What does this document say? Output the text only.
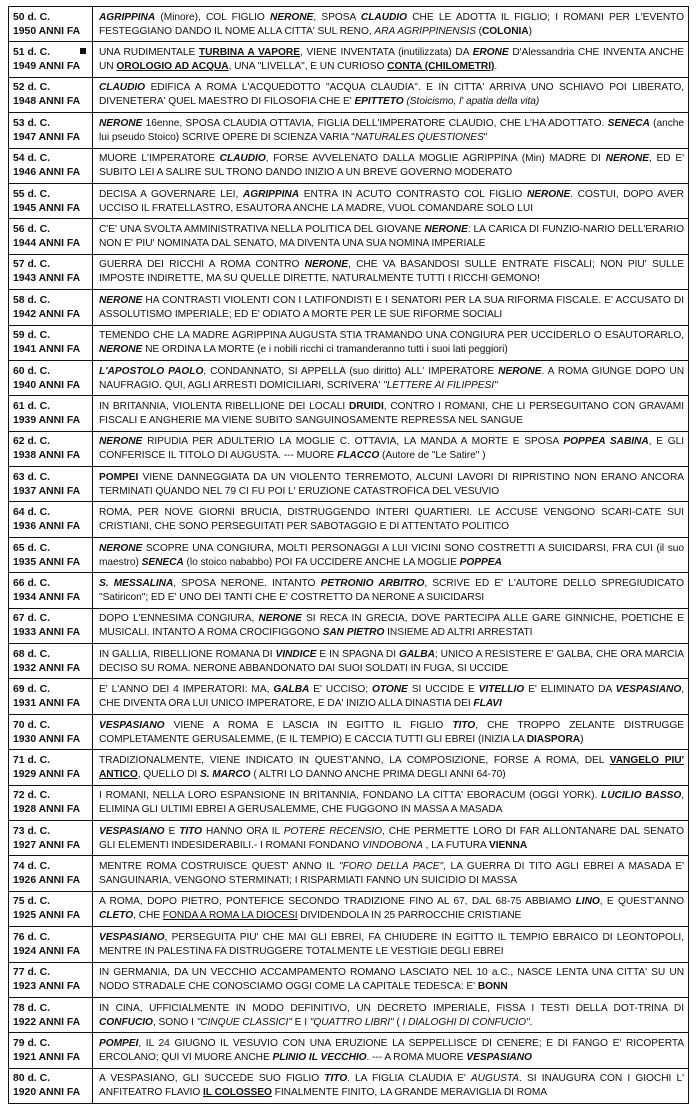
50 d. C.
1950 ANNI FA	AGRIPPINA (Minore), COL FIGLIO NERONE, SPOSA CLAUDIO CHE LE ADOTTA IL FIGLIO; I ROMANI PER L'EVENTO FESTEGGIANO DANDO IL NOME ALLA CITTA' SUL RENO, ARA AGRIPPINENSIS (COLONIA)

51 d. C.
1949 ANNI FA	UNA RUDIMENTALE TURBINA A VAPORE, VIENE INVENTATA (inutilizzata) DA ERONE D'Alessandria CHE INVENTA ANCHE UN OROLOGIO AD ACQUA, UNA "LIVELLA", E UN CURIOSO CONTA (CHILOMETRI).

52 d. C.
1948 ANNI FA	CLAUDIO EDIFICA A ROMA L'ACQUEDOTTO "ACQUA CLAUDIA". E IN CITTA' ARRIVA UNO SCHIAVO POI LIBERATO, DIVENETERA' QUEL MAESTRO DI FILOSOFIA CHE E' EPITTETO (Stoicismo, l' apatia della vita)

53 d. C.
1947 ANNI FA	NERONE 16enne, SPOSA CLAUDIA OTTAVIA, FIGLIA DELL'IMPERATORE CLAUDIO, CHE L'HA ADOTTATO. SENECA (anche lui pseudo Stoico) SCRIVE OPERE DI SCIENZA VARIA "NATURALES QUESTIONES"

54 d. C.
1946 ANNI FA	MUORE L'IMPERATORE CLAUDIO, FORSE AVVELENATO DALLA MOGLIE AGRIPPINA (Min) MADRE DI NERONE, ED E' SUBITO LEI A SALIRE SUL TRONO DANDO INIZIO A UN BREVE GOVERNO MODERATO

55 d. C.
1945 ANNI FA	DECISA A GOVERNARE LEI, AGRIPPINA ENTRA IN ACUTO CONTRASTO COL FIGLIO NERONE. COSTUI, DOPO AVER UCCISO IL FRATELLASTRO, ESAUTORA ANCHE LA MADRE, VUOL COMANDARE SOLO LUI

56 d. C.
1944 ANNI FA	C'E' UNA SVOLTA AMMINISTRATIVA NELLA POLITICA DEL GIOVANE NERONE: LA CARICA DI FUNZIO-NARIO DELL'ERARIO NON E' PIU' NOMINATA DAL SENATO, MA DIVENTA UNA SUA NOMINA IMPERIALE

57 d. C.
1943 ANNI FA	GUERRA DEI RICCHI A ROMA CONTRO NERONE, CHE VA BASANDOSI SULLE ENTRATE FISCALI; NON PIU' SULLE IMPOSTE INDIRETTE, MA SU QUELLE DIRETTE. NATURALMENTE TUTTI I RICCHI GEMONO!

58 d. C.
1942 ANNI FA	NERONE HA CONTRASTI VIOLENTI CON I LATIFONDISTI E I SENATORI PER LA SUA RIFORMA FISCALE. E' ACCUSATO DI ASSOLUTISMO IMPERIALE; ED E' ODIATO A MORTE PER LE SUE RIFORME SOCIALI

59 d. C.
1941 ANNI FA	TEMENDO CHE LA MADRE AGRIPPINA AUGUSTA STIA TRAMANDO UNA CONGIURA PER UCCIDERLO O ESAUTORARLO, NERONE NE ORDINA LA MORTE (e i nobili ricchi ci tramanderanno tutti i suoi lati peggiori)

60 d. C.
1940 ANNI FA	L'APOSTOLO PAOLO, CONDANNATO, SI APPELLA (suo diritto) ALL' IMPERATORE NERONE. A ROMA GIUNGE DOPO UN NAUFRAGIO. QUI, AGLI ARRESTI DOMICILIARI, SCRIVERA' "LETTERE AI FILIPPESI"

61 d. C.
1939 ANNI FA	IN BRITANNIA, VIOLENTA RIBELLIONE DEI LOCALI DRUIDI, CONTRO I ROMANI, CHE LI PERSEGUITANO CON GRAVAMI FISCALI E ANGHERIE MA VIENE SUBITO SANGUINOSAMENTE REPRESSA NEL SANGUE

62 d. C.
1938 ANNI FA	NERONE RIPUDIA PER ADULTERIO LA MOGLIE C. OTTAVIA, LA MANDA A MORTE E SPOSA POPPEA SABINA, E GLI CONFERISCE IL TITOLO DI AUGUSTA. --- MUORE FLACCO (Autore de "Le Satire" )

63 d. C.
1937 ANNI FA	POMPEI VIENE DANNEGGIATA DA UN VIOLENTO TERREMOTO, ALCUNI LAVORI DI RIPRISTINO NON ERANO ANCORA TERMINATI QUANDO NEL 79 CI FU POI L' ERUZIONE CATASTROFICA DEL VESUVIO

64 d. C.
1936 ANNI FA	ROMA, PER NOVE GIORNI BRUCIA, DISTRUGGENDO INTERI QUARTIERI. LE ACCUSE VENGONO SCARI-CATE SUI CRISTIANI, CHE SONO PERSEGUITATI PER SABOTAGGIO E DI ATTENTATO POLITICO

65 d. C.
1935 ANNI FA	NERONE SCOPRE UNA CONGIURA, MOLTI PERSONAGGI A LUI VICINI SONO COSTRETTI A SUICIDARSI, FRA CUI (il suo maestro) SENECA (lo stoico nababbo) POI FA UCCIDERE ANCHE LA MOGLIE POPPEA

66 d. C.
1934 ANNI FA	S. MESSALINA, SPOSA NERONE. INTANTO PETRONIO ARBITRO, SCRIVE ED E' L'AUTORE DELLO SPREGIUDICATO "Satiricon"; ED E' UNO DEI TANTI CHE E' COSTRETTO DA NERONE A SUICIDARSI

67 d. C.
1933 ANNI FA	DOPO L'ENNESIMA CONGIURA, NERONE SI RECA IN GRECIA, DOVE PARTECIPA ALLE GARE GINNICHE, POETICHE E MUSICALI. INTANTO A ROMA CROCIFIGGONO SAN PIETRO INSIEME AD ALTRI ARRESTATI

68 d. C.
1932 ANNI FA	IN GALLIA, RIBELLIONE ROMANA DI VINDICE E IN SPAGNA DI GALBA; UNICO A RESISTERE E' GALBA, CHE ORA MARCIA DECISO SU ROMA. NERONE ABBANDONATO DAI SUOI SOLDATI IN FUGA, SI UCCIDE

69 d. C.
1931 ANNI FA	E' L'ANNO DEI 4 IMPERATORI: MA, GALBA E' UCCISO; OTONE SI UCCIDE E VITELLIO E' ELIMINATO DA VESPASIANO, CHE DIVENTA ORA LUI UNICO IMPERATORE, E DA' INIZIO ALLA DINASTIA DEI FLAVI

70 d. C.
1930 ANNI FA	VESPASIANO VIENE A ROMA E LASCIA IN EGITTO IL FIGLIO TITO, CHE TROPPO ZELANTE DISTRUGGE COMPLETAMENTE GERUSALEMME, (E IL TEMPIO) E CACCIA TUTTI GLI EBREI (INIZIA LA DIASPORA)

71 d. C.
1929 ANNI FA	TRADIZIONALMENTE, VIENE INDICATO IN QUEST'ANNO, LA COMPOSIZIONE, FORSE A ROMA, DEL VANGELO PIU' ANTICO, QUELLO DI S. MARCO ( ALTRI LO DANNO ANCHE PRIMA DEGLI ANNI 64-70)

72 d. C.
1928 ANNI FA	I ROMANI, NELLA LORO ESPANSIONE IN BRITANNIA, FONDANO LA CITTA' EBORACUM (OGGI YORK). LUCILIO BASSO, ELIMINA GLI ULTIMI EBREI A GERUSALEMME, CHE FUGGONO IN MASSA A MASADA

73 d. C.
1927 ANNI FA	VESPASIANO E TITO HANNO ORA IL POTERE RECENSIO, CHE PERMETTE LORO DI FAR ALLONTANARE DAL SENATO GLI ELEMENTI INDESIDERABILI.- I ROMANI FONDANO VINDOBONA , LA FUTURA VIENNA

74 d. C.
1926 ANNI FA	MENTRE ROMA COSTRUISCE QUEST' ANNO IL "FORO DELLA PACE", LA GUERRA DI TITO AGLI EBREI A MASADA E' SANGUINARIA, VENGONO STERMINATI; I RISPARMIATI FANNO UN SUICIDIO DI MASSA

75 d. C.
1925 ANNI FA	A ROMA, DOPO PIETRO, PONTEFICE SECONDO TRADIZIONE FINO AL 67, DAL 68-75 ABBIAMO LINO, E QUEST'ANNO CLETO, CHE FONDA A ROMA LA DIOCESI DIVIDENDOLA IN 25 PARROCCHIE CRISTIANE

76 d. C.
1924 ANNI FA	VESPASIANO, PERSEGUITA PIU' CHE MAI GLI EBREI, FA CHIUDERE IN EGITTO IL TEMPIO EBRAICO DI LEONTOPOLI, MENTRE IN PALESTINA FA DISTRUGGERE TOTALMENTE LE VESTIGIE DEGLI EBREI

77 d. C.
1923 ANNI FA	IN GERMANIA, DA UN VECCHIO ACCAMPAMENTO ROMANO LASCIATO NEL 10 a.C., NASCE LENTA UNA CITTA' SU UN NODO STRADALE CHE CONOSCIAMO OGGI COME LA CAPITALE TEDESCA: E' BONN

78 d. C.
1922 ANNI FA	IN CINA, UFFICIALMENTE IN MODO DEFINITIVO, UN DECRETO IMPERIALE, FISSA I TESTI DELLA DOT-TRINA DI CONFUCIO, SONO I "CINQUE CLASSICI" E I "QUATTRO LIBRI" ( I DIALOGHI DI CONFUCIO".

79 d. C.
1921 ANNI FA	POMPEI, IL 24 GIUGNO IL VESUVIO CON UNA ERUZIONE LA SEPPELLISCE DI CENERE; E DI FANGO E' RICOPERTA ERCOLANO; QUI VI MUORE ANCHE PLINIO IL VECCHIO. --- A ROMA MUORE VESPASIANO

80 d. C.
1920 ANNI FA	A VESPASIANO, GLI SUCCEDE SUO FIGLIO TITO. LA FIGLIA CLAUDIA E' AUGUSTA. SI INAUGURA CON I GIOCHI L' ANFITEATRO FLAVIO IL COLOSSEO FINALMENTE FINITO, LA GRANDE MERAVIGLIA DI ROMA
